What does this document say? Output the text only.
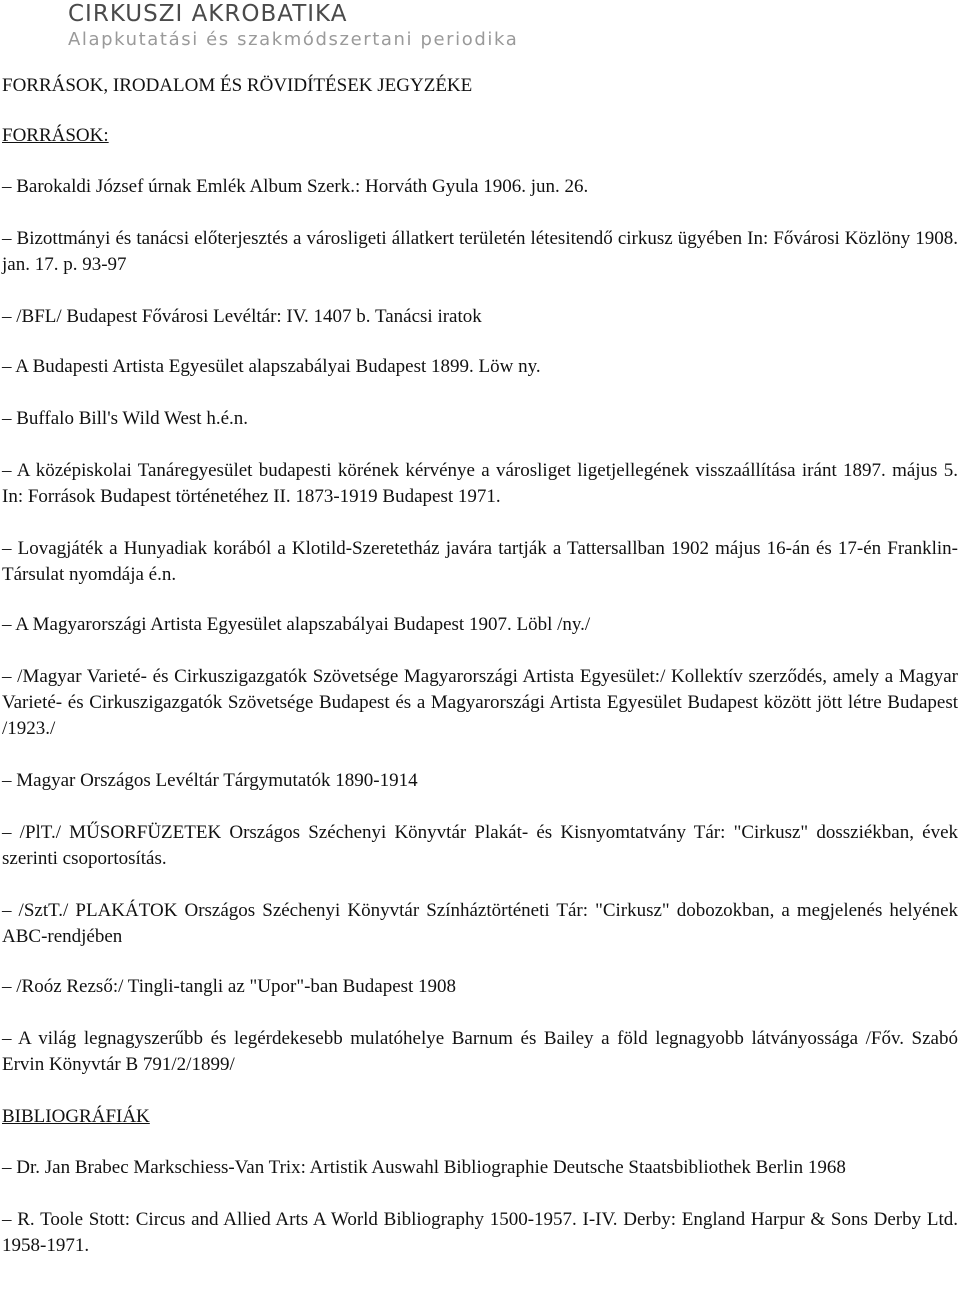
CIRKUSZI AKROBATIKA
Alapkutatási és szakmódszertani periodika

FORRÁSOK, IRODALOM ÉS RÖVIDÍTÉSEK JEGYZÉKE

FORRÁSOK:

– Barokaldi József úrnak Emlék Album Szerk.: Horváth Gyula 1906. jun. 26.

– Bizottmányi és tanácsi előterjesztés a városligeti állatkert területén létesitendő cirkusz ügyében In: Fővárosi Közlöny 1908. jan. 17. p. 93-97

– /BFL/ Budapest Fővárosi Levéltár: IV. 1407 b. Tanácsi iratok

– A Budapesti Artista Egyesület alapszabályai Budapest 1899. Löw ny.

– Buffalo Bill's Wild West h.é.n.

– A középiskolai Tanáregyesület budapesti körének kérvénye a városliget ligetjellegének visszaállítása iránt 1897. május 5. In: Források Budapest történetéhez II. 1873-1919 Budapest 1971.

– Lovagjáték a Hunyadiak korából a Klotild-Szeretetház javára tartják a Tattersallban 1902 május 16-án és 17-én Franklin-Társulat nyomdája é.n.

– A Magyarországi Artista Egyesület alapszabályai Budapest 1907. Löbl /ny./

– /Magyar Varieté- és Cirkuszigazgatók Szövetsége Magyarországi Artista Egyesület:/ Kollektív szerződés, amely a Magyar Varieté- és Cirkuszigazgatók Szövetsége Budapest és a Magyarországi Artista Egyesület Budapest között jött létre Budapest /1923./

– Magyar Országos Levéltár Tárgymutatók 1890-1914

– /PlT./ MŰSORFÜZETEK Országos Széchenyi Könyvtár Plakát- és Kisnyomtatvány Tár: "Cirkusz" dossziékban, évek szerinti csoportosítás.

– /SztT./ PLAKÁTOK Országos Széchenyi Könyvtár Színháztörténeti Tár: "Cirkusz" dobozokban, a megjelenés helyének ABC-rendjében

– /Roóz Rezső:/ Tingli-tangli az "Upor"-ban Budapest 1908

– A világ legnagyszerűbb és legérdekesebb mulatóhelye Barnum és Bailey a föld legnagyobb látványossága /Főv. Szabó Ervin Könyvtár B 791/2/1899/

BIBLIOGRÁFIÁK

– Dr. Jan Brabec Markschiess-Van Trix: Artistik Auswahl Bibliographie Deutsche Staatsbibliothek Berlin 1968

– R. Toole Stott: Circus and Allied Arts A World Bibliography 1500-1957. I-IV. Derby: England Harpur & Sons Derby Ltd. 1958-1971.
